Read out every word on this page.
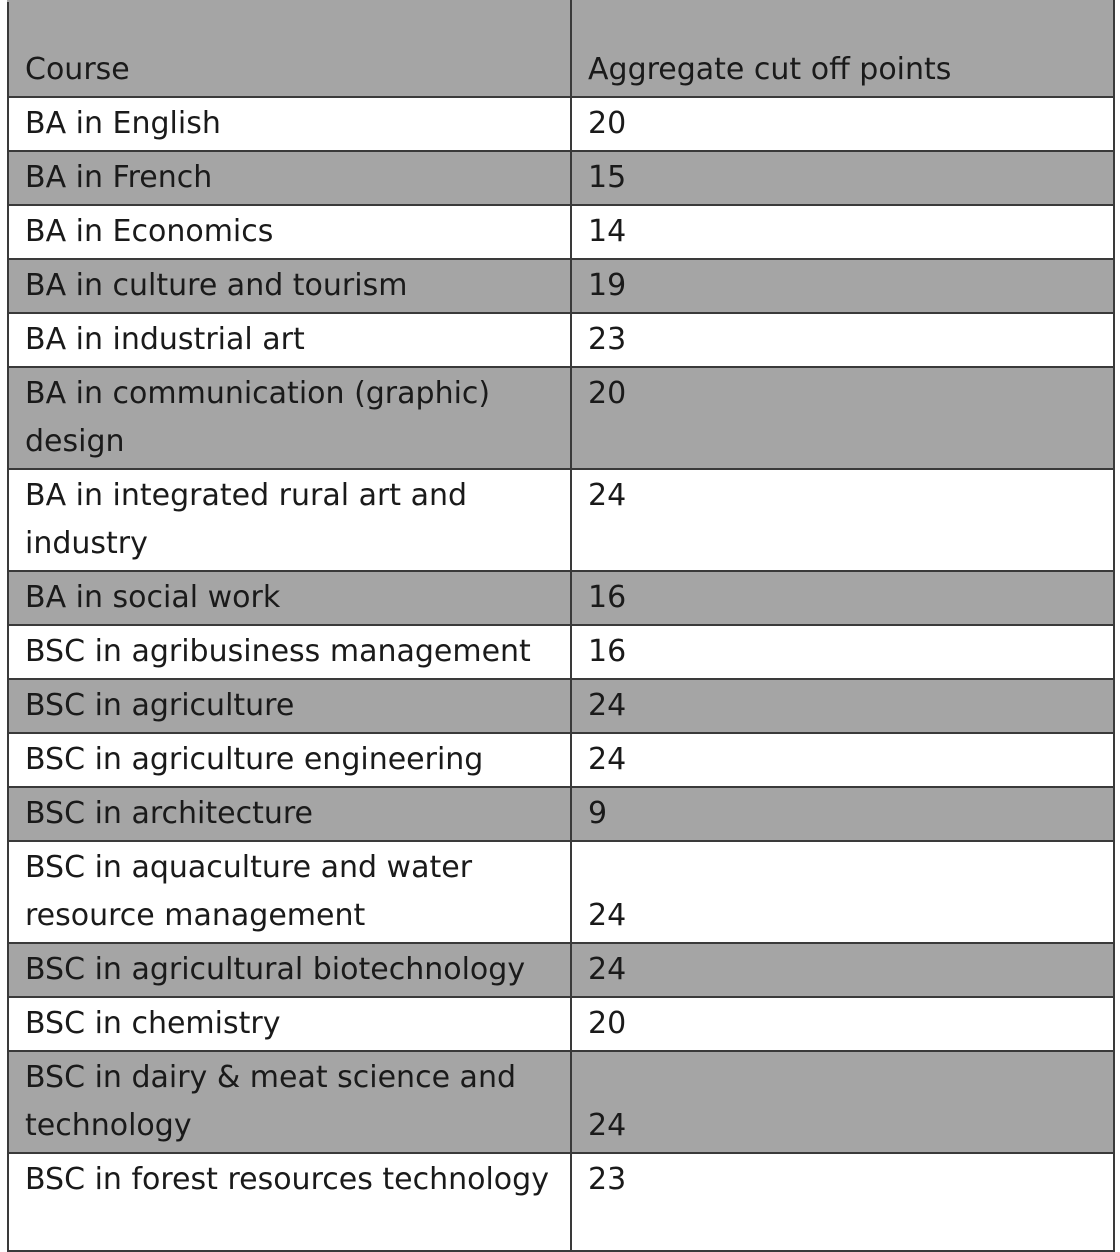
Course	Aggregate cut off points
BA in English	20
BA in French	15
BA in Economics	14
BA in culture and tourism	19
BA in industrial art	23
BA in communication (graphic) design	20
BA in integrated rural art and industry	24
BA in social work	16
BSC in agribusiness management	16
BSC in agriculture	24
BSC in agriculture engineering	24
BSC in architecture	9
BSC in aquaculture and water resource management	24
BSC in agricultural biotechnology	24
BSC in chemistry	20
BSC in dairy & meat science and technology	24
BSC in forest resources technology	23
